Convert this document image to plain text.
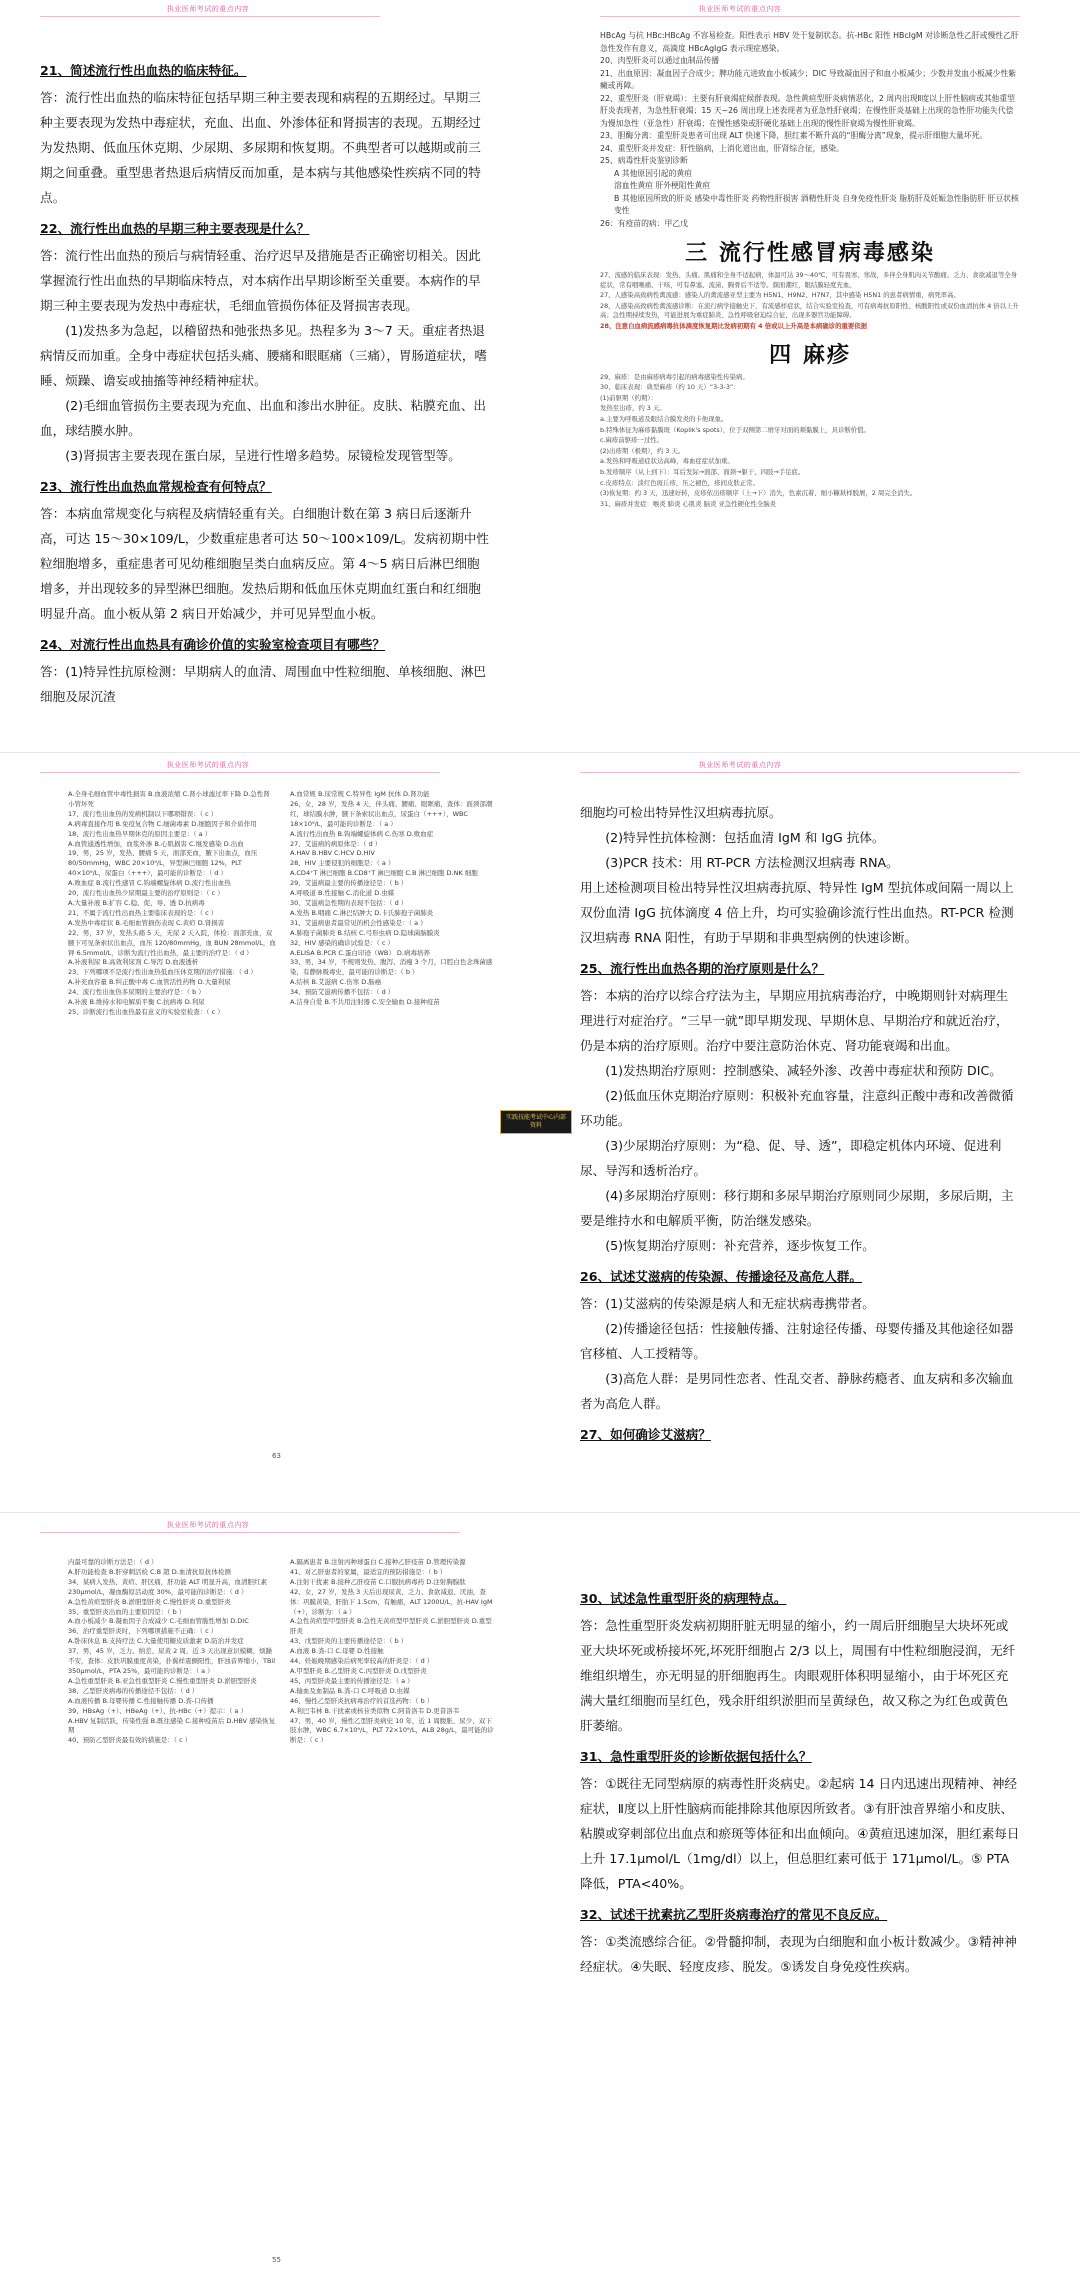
执业医师考试的重点内容	执业医师考试的重点内容

21、简述流行性出血热的临床特征。

答：流行性出血热的临床特征包括早期三种主要表现和病程的五期经过。早期三种主要表现为发热中毒症状，充血、出血、外渗体征和肾损害的表现。五期经过为发热期、低血压休克期、少尿期、多尿期和恢复期。不典型者可以越期或前三期之间重叠。重型患者热退后病情反而加重，是本病与其他感染性疾病不同的特点。

22、流行性出血热的早期三种主要表现是什么？

答：流行性出血热的预后与病情轻重、治疗迟早及措施是否正确密切相关。因此掌握流行性出血热的早期临床特点，对本病作出早期诊断至关重要。本病作的早期三种主要表现为发热中毒症状，毛细血管损伤体征及肾损害表现。

(1)发热多为急起，以稽留热和弛张热多见。热程多为 3～7 天。重症者热退病情反而加重。全身中毒症状包括头痛、腰痛和眼眶痛（三痛），胃肠道症状，嗜睡、烦躁、谵妄或抽搐等神经精神症状。

(2)毛细血管损伤主要表现为充血、出血和渗出水肿征。皮肤、粘膜充血、出血，球结膜水肿。

(3)肾损害主要表现在蛋白尿，呈进行性增多趋势。尿镜检发现管型等。

23、流行性出血热血常规检查有何特点？

答：本病血常规变化与病程及病情轻重有关。白细胞计数在第 3 病日后逐渐升高，可达 15～30×109/L，少数重症患者可达 50～100×109/L。发病初期中性粒细胞增多，重症患者可见幼稚细胞呈类白血病反应。第 4～5 病日后淋巴细胞增多，并出现较多的异型淋巴细胞。发热后期和低血压休克期血红蛋白和红细胞明显升高。血小板从第 2 病日开始减少，并可见异型血小板。

24、对流行性出血热具有确诊价值的实验室检查项目有哪些？

答：(1)特异性抗原检测：早期病人的血清、周围血中性粒细胞、单核细胞、淋巴细胞及尿沉渣

HBcAg 与抗 HBc:HBcAg 不容易检查。阳性表示 HBV 处于复制状态。抗-HBc 阳性 HBcIgM 对诊断急性乙肝或慢性乙肝急性发作有意义，高滴度 HBcAgIgG 表示现症感染。

20、肉型肝炎可以通过血制品传播

21、出血原因：凝血因子合成少；脾功能亢进致血小板减少；DIC 导致凝血因子和血小板减少；少数并发血小板减少性紫癜或再障。

22、重型肝炎（肝衰竭）：主要有肝衰竭症候群表现。急性黄疸型肝炎病情恶化，2 周内出现Ⅱ度以上肝性脑病或其他重型肝炎表现者，为急性肝衰竭；15 天~26 周出现上述表现者为亚急性肝衰竭；在慢性肝炎基础上出现的急性肝功能失代偿为慢加急性（亚急性）肝衰竭；在慢性感染或肝硬化基础上出现的慢性肝衰竭为慢性肝衰竭。

23、胆酶分离：重型肝炎患者可出现 ALT 快速下降，胆红素不断升高的“胆酶分离”现象，提示肝细胞大量坏死。

24、重型肝炎并发症：肝性脑病，上消化道出血，肝肾综合征，感染。

25、病毒性肝炎鉴别诊断

A 其他原因引起的黄疸

溶血性黄疸 肝外梗阻性黄疸

B 其他原因所致的肝炎 感染中毒性肝炎 药物性肝损害 酒精性肝炎 自身免疫性肝炎 脂肪肝及妊娠急性脂肪肝 肝豆状核变性

26：有疫苗的病：甲乙戊

三 流行性感冒病毒感染

27、流感的临床表现：发热、头痛、肌痛和全身不适起病，体温可达 39～40℃，可有畏寒、寒战，多伴全身肌肉关节酸痛、乏力、食欲减退等全身症状，常有咽喉痛、干咳，可有鼻塞、流涕、胸骨后不适等。颜面潮红，眼结膜轻度充血。

27、人感染高致病性禽流感：感染人的禽流感亚型主要为 H5N1、H9N2、H7N7，其中感染 H5N1 的患者病情重，病死率高。

28、人感染高致病性禽流感诊断：在流行病学接触史下，有流感样症状，结合实验室检查，可有病毒抗原阳性、核酸阳性或双份血清抗体 4 倍以上升高；急性期持续发热，可能进展为重症肺炎、急性呼吸窘迫综合征，出现多器官功能障碍。

28、注意白血病流感病毒抗体滴度恢复期比发病初期有 4 倍或以上升高是本病确诊的重要依据

四 麻疹

29、麻疹：是由麻疹病毒引起的病毒感染性传染病。

30、临床表现：典型麻疹（约 10 天）“3-3-3”：

(1)前驱期（约期）：

发热至出疹，约 3 天。

a.主要为呼吸道及眼结合膜发炎的卡他现象。

b.特殊体征为麻疹黏膜斑（Koplik's spots），位于双侧第二磨牙对面的颊黏膜上，具诊断价值。

c.麻疹前驱疹一过性。

(2)出疹期（极期），约 3 天。

a.发热和呼吸道症状达高峰，毒血症症状加重。

b.发疹顺序（从上到下）：耳后发际→面部、面颈→躯干、四肢→手足底。

c.皮疹特点：淡红色斑丘疹，压之褪色，疹间皮肤正常。

(3)恢复期：约 3 天，迅速好转，皮疹依出疹顺序（上→下）消失，色素沉着、细小糠麸样脱屑，2 周完全消失。

31、麻疹并发症：喉炎 肺炎 心肌炎 脑炎 亚急性硬化性全脑炎

执业医师考试的重点内容	执业医师考试的重点内容

A.全身毛细血管中毒性损害 B.血液浓缩 C.肾小球滤过率下降 D.急性肾小管坏死

17、流行性出血热的发病机制以下哪项错误：（ c ）

A.病毒直接作用 B.免疫复合物 C.细菌毒素 D.细胞因子和介质作用

18、流行性出血热早期休克的原因主要是：（ a ）

A.血管通透性增加，血浆外渗 B.心肌损害 C.继发感染 D.出血

19、男，25 岁，发热、腰痛 5 天，面部充血，腋下出血点，血压 80/50mmHg，WBC 20×10⁹/L，异型淋巴细胞 12%，PLT 40×10⁹/L，尿蛋白（+++），最可能的诊断是：（ d ）

A.败血症 B.流行性感冒 C.钩端螺旋体病 D.流行性出血热

20、流行性出血热少尿期最主要的治疗原则是：（ c ）

A.大量补液 B.扩容 C.稳、促、导、透 D.抗病毒

21、不属于流行性出血热主要临床表现的是：（ c ）

A.发热中毒症状 B.毛细血管损伤表现 C.黄疸 D.肾损害

22、男，37 岁，发热头痛 5 天，无尿 2 天入院，体检：面部充血，双腋下可见条索状出血点，血压 120/80mmHg，血 BUN 28mmol/L，血钾 6.5mmol/L，诊断为流行性出血热，最主要的治疗是：（ d ）

A.补液利尿 B.高效利尿剂 C.导泻 D.血液透析

23、下列哪项不是流行性出血热低血压休克期的治疗措施：（ d ）

A.补充血容量 B.纠正酸中毒 C.血管活性药物 D.大量利尿

24、流行性出血热多尿期的主要治疗是：（ b ）

A.补液 B.维持水和电解质平衡 C.抗病毒 D.利尿

25、诊断流行性出血热最有意义的实验室检查：（ c ）

A.血常规 B.尿常规 C.特异性 IgM 抗体 D.肾功能

26、女，28 岁，发热 4 天，伴头痛、腰痛、眼眶痛，查体：面颈部潮红，球结膜水肿，腋下条索状出血点，尿蛋白（+++），WBC 18×10⁹/L，最可能的诊断是：（ a ）

A.流行性出血热 B.钩端螺旋体病 C.伤寒 D.败血症

27、艾滋病的病原体是：（ d ）

A.HAV B.HBV C.HCV D.HIV

28、HIV 主要侵犯的细胞是：（ a ）

A.CD4⁺T 淋巴细胞 B.CD8⁺T 淋巴细胞 C.B 淋巴细胞 D.NK 细胞

29、艾滋病最主要的传播途径是：（ b ）

A.呼吸道 B.性接触 C.消化道 D.虫媒

30、艾滋病急性期的表现不包括：（ d ）

A.发热 B.咽痛 C.淋巴结肿大 D.卡氏肺孢子菌肺炎

31、艾滋病患者最常见的机会性感染是：（ a ）

A.肺孢子菌肺炎 B.结核 C.弓形虫病 D.隐球菌脑膜炎

32、HIV 感染的确诊试验是：（ c ）

A.ELISA B.PCR C.蛋白印迹（WB） D.病毒培养

33、男，34 岁，不规则发热、腹泻、消瘦 3 个月，口腔白色念珠菌感染，有静脉吸毒史，最可能的诊断是：（ b ）

A.结核 B.艾滋病 C.伤寒 D.肠癌

34、预防艾滋病传播不包括：（ d ）

A.洁身自爱 B.不共用注射器 C.安全输血 D.接种疫苗

63
实践技能考试中心内部资料

细胞均可检出特异性汉坦病毒抗原。

(2)特异性抗体检测：包括血清 IgM 和 IgG 抗体。

(3)PCR 技术：用 RT-PCR 方法检测汉坦病毒 RNA。

用上述检测项目检出特异性汉坦病毒抗原、特异性 IgM 型抗体或间隔一周以上双份血清 IgG 抗体滴度 4 倍上升，均可实验确诊流行性出血热。RT-PCR 检测汉坦病毒 RNA 阳性，有助于早期和非典型病例的快速诊断。

25、流行性出血热各期的治疗原则是什么？

答：本病的治疗以综合疗法为主，早期应用抗病毒治疗，中晚期则针对病理生理进行对症治疗。“三早一就”即早期发现、早期休息、早期治疗和就近治疗，仍是本病的治疗原则。治疗中要注意防治休克、肾功能衰竭和出血。

(1)发热期治疗原则：控制感染、减轻外渗、改善中毒症状和预防 DIC。

(2)低血压休克期治疗原则：积极补充血容量，注意纠正酸中毒和改善微循环功能。

(3)少尿期治疗原则：为“稳、促、导、透”，即稳定机体内环境、促进利尿、导泻和透析治疗。

(4)多尿期治疗原则：移行期和多尿早期治疗原则同少尿期，多尿后期，主要是维持水和电解质平衡，防治继发感染。

(5)恢复期治疗原则：补充营养，逐步恢复工作。

26、试述艾滋病的传染源、传播途径及高危人群。

答：(1)艾滋病的传染源是病人和无症状病毒携带者。

(2)传播途径包括：性接触传播、注射途径传播、母婴传播及其他途径如器官移植、人工授精等。

(3)高危人群：是男同性恋者、性乱交者、静脉药瘾者、血友病和多次输血者为高危人群。

27、如何确诊艾滋病？

执业医师考试的重点内容

内最可靠的诊断方法是：（ d ）

A.肝功能检查 B.肝穿刺活检 C.B 超 D.血清抗原抗体检测

34、某病人发热、黄疸、肝区痛，肝功能 ALT 明显升高，血清胆红素 230μmol/L，凝血酶原活动度 30%，最可能的诊断是：（ d ）

A.急性黄疸型肝炎 B.淤胆型肝炎 C.慢性肝炎 D.重型肝炎

35、重型肝炎出血的主要原因是：（ b ）

A.血小板减少 B.凝血因子合成减少 C.毛细血管脆性增加 D.DIC

36、治疗重型肝炎时，下列哪项措施不正确：（ c ）

A.卧床休息 B.支持疗法 C.大量使用糖皮质激素 D.防治并发症

37、男，45 岁，乏力、纳差、尿黄 2 周，近 3 天出现意识模糊、烦躁不安，查体：皮肤巩膜重度黄染，扑翼样震颤阳性，肝浊音界缩小，TBil 350μmol/L，PTA 25%，最可能的诊断是：（ a ）

A.急性重型肝炎 B.亚急性重型肝炎 C.慢性重型肝炎 D.淤胆型肝炎

38、乙型肝炎病毒的传播途径不包括：（ d ）

A.血液传播 B.母婴传播 C.性接触传播 D.粪-口传播

39、HBsAg（+）、HBeAg（+）、抗-HBc（+）提示：（ a ）

A.HBV 复制活跃，传染性强 B.既往感染 C.接种疫苗后 D.HBV 感染恢复期

40、预防乙型肝炎最有效的措施是：（ c ）

A.隔离患者 B.注射丙种球蛋白 C.接种乙肝疫苗 D.管理传染源

41、对乙肝患者的家属，最适宜的预防措施是：（ b ）

A.注射干扰素 B.接种乙肝疫苗 C.口服抗病毒药 D.注射胸腺肽

42、女，27 岁，发热 3 天后出现尿黄、乏力、食欲减退、厌油，查体：巩膜黄染，肝肋下 1.5cm，有触痛，ALT 1200U/L，抗-HAV IgM（+），诊断为：（ a ）

A.急性黄疸型甲型肝炎 B.急性无黄疸型甲型肝炎 C.淤胆型肝炎 D.重型肝炎

43、戊型肝炎的主要传播途径是：（ b ）

A.血液 B.粪-口 C.母婴 D.性接触

44、妊娠晚期感染后病死率较高的肝炎是：（ d ）

A.甲型肝炎 B.乙型肝炎 C.丙型肝炎 D.戊型肝炎

45、丙型肝炎最主要的传播途径是：（ a ）

A.输血及血制品 B.粪-口 C.呼吸道 D.虫媒

46、慢性乙型肝炎抗病毒治疗的首选药物：（ b ）

A.利巴韦林 B.干扰素或核苷类似物 C.阿昔洛韦 D.更昔洛韦

47、男，40 岁，慢性乙型肝炎病史 10 年，近 1 周腹胀、尿少、双下肢水肿，WBC 6.7×10⁹/L，PLT 72×10⁹/L，ALB 28g/L，最可能的诊断是：（ c ）

55

30、试述急性重型肝炎的病理特点。

答：急性重型肝炎发病初期肝脏无明显的缩小，约一周后肝细胞呈大块坏死或亚大块坏死或桥接坏死,坏死肝细胞占 2/3 以上，周围有中性粒细胞浸润，无纤维组织增生，亦无明显的肝细胞再生。肉眼观肝体积明显缩小，由于坏死区充满大量红细胞而呈红色，残余肝组织淤胆而呈黄绿色，故又称之为红色或黄色肝萎缩。

31、急性重型肝炎的诊断依据包括什么？

答：①既往无同型病原的病毒性肝炎病史。②起病 14 日内迅速出现精神、神经症状，Ⅱ度以上肝性脑病而能排除其他原因所致者。③有肝浊音界缩小和皮肤、粘膜或穿刺部位出血点和瘀斑等体征和出血倾向。④黄疸迅速加深，胆红素每日上升 17.1μmol/L（1mg/dl）以上，但总胆红素可低于 171μmol/L。⑤ PTA 降低，PTA<40%。

32、试述干扰素抗乙型肝炎病毒治疗的常见不良反应。

答：①类流感综合征。②骨髓抑制，表现为白细胞和血小板计数减少。③精神神经症状。④失眠、轻度皮疹、脱发。⑤诱发自身免疫性疾病。
